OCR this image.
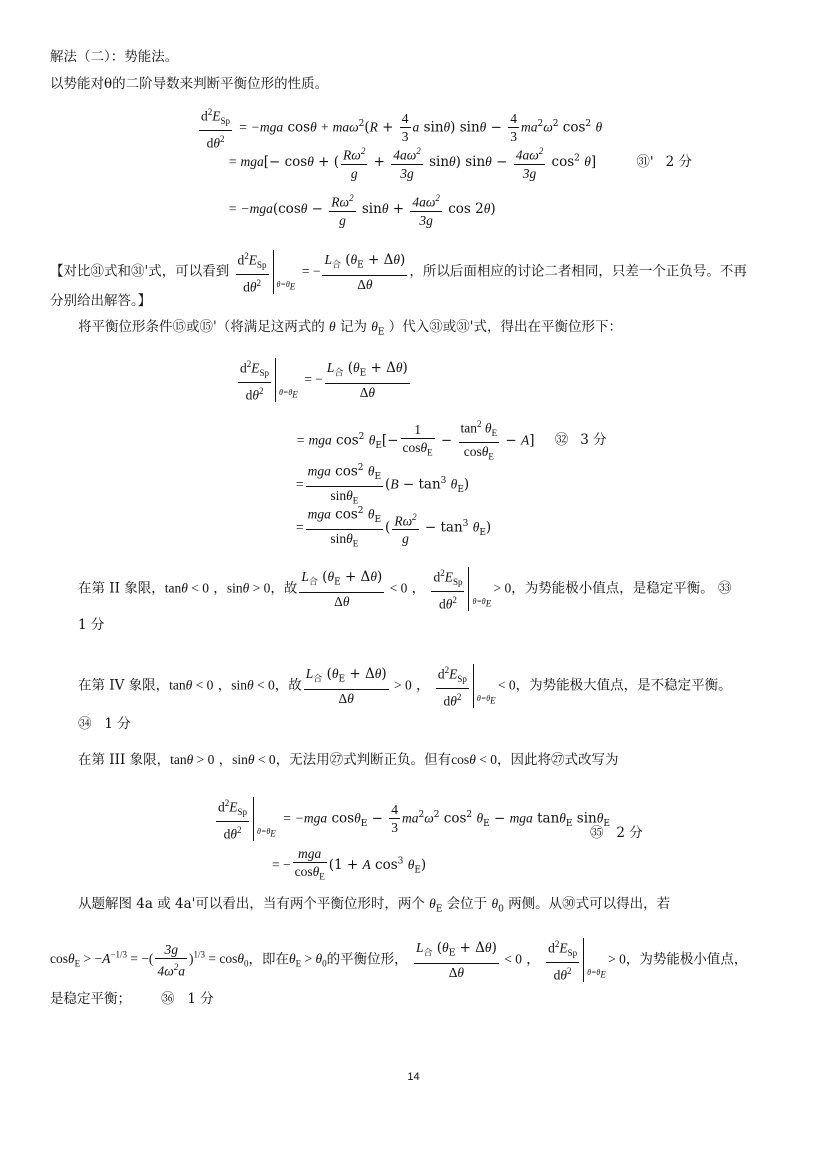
解法（二）：势能法。
以势能对θ的二阶导数来判断平衡位形的性质。
$\frac{d^2E_{Sp}}{d\theta^2} = -mga$ $\cos\theta + ma\omega^2(R + \frac{4}{3}$ a sinθ) $\sin\theta - \frac{4}{3} ma^2\omega^2$ $\cos^2 \theta$
= mga[− cosθ + ( $\frac{R\omega^2}{g} + \frac{4a\omega^2}{3g} \sin\theta$) $\sin\theta - \frac{4a\omega^2}{3g} \cos^2 \theta$]	㉛' 2 分
= $-mga(\cos\theta - \frac{R\omega^2}{g}$ $\sin\theta + \frac{4a\omega^2}{3g}$ cos 2θ)
【对比㉛式和㉛'式，可以看到 $\frac{d^2E_{Sp}}{d\theta^2} \theta=\theta_E$
= − $\frac{L_合 (\theta_E + \Delta\theta)}{\Delta\theta}$ ，所以后面相应的讨论二者相同，只差一个正负号。不再
分别给出解答。】
将平衡位形条件⑮或⑮'（将满足这两式的 θ 记为 $\theta_E$ ）代入㉛或㉛'式，得出在平衡位形下：
$\frac{d^2E_{Sp}}{d\theta^2} \theta=\theta_E$
= − $\frac{L_合 (\theta_E + \Delta\theta)}{\Delta\theta}$
= mga $\cos^2 \theta_E[- \frac{1}{\cos\theta_E} - \frac{\tan^2 \theta_E}{\cos\theta_E} - A]$ ㉜ 3 分
= $\frac{mga \cos^2 \theta_E}{\sin\theta_E} (B - \tan^3 \theta_E)$
= $\frac{mga \cos^2 \theta_E}{\sin\theta_E}$ ( $\frac{R\omega^2}{g} - \tan^3 \theta_E$)
在第 II 象限，tanθ < 0 ，sinθ > 0，故 $\frac{L_合 (\theta_E + \Delta\theta)}{\Delta\theta} < 0$ ， $\frac{d^2E_{Sp}}{d\theta^2} \theta=\theta_E$
> 0，为势能极小值点，是稳定平衡。 ㉝
1 分
在第 IV 象限，tanθ < 0 ，sinθ < 0，故 $\frac{L_合 (\theta_E + \Delta\theta)}{\Delta\theta} > 0$ ， $\frac{d^2E_{Sp}}{d\theta^2} \theta=\theta_E$
< 0，为势能极大值点，是不稳定平衡。
㉞ 1 分
在第 III 象限，tanθ > 0 ，sinθ < 0，无法用㉗式判断正负。但有cosθ < 0，因此将㉗式改写为
$\frac{d^2E_{Sp}}{d\theta^2} \theta=\theta_E$
= −mga $\cos\theta_E - \frac{4}{3} ma^2\omega^2$ $\cos^2 \theta_E$ − mga tanθ$_E$ sinθ$_E$
㉟ 2 分
= − $\frac{\text{mga}}{\cos\theta_E} (1 + A$ $\cos^3 \theta_E$)
从题解图 4a 或 4a'可以看出，当有两个平衡位形时，两个 $\theta_E$ 会位于 $\theta_0$ 两侧。从㉚式可以得出，若
$\cos\theta_E > -A^{-1/3}$ = −( $\frac{3g}{4\omega^2a} )^{1/3} = \cos\theta_0$，即在$\theta_E > \theta_0$的平衡位形， $\frac{L_合 (\theta_E + \Delta\theta)}{\Delta\theta} < 0$ ， $\frac{d^2E_{Sp}}{d\theta^2} \theta=\theta_E$
> 0，为势能极小值点，
是稳定平衡； ㊱ 1 分
14
